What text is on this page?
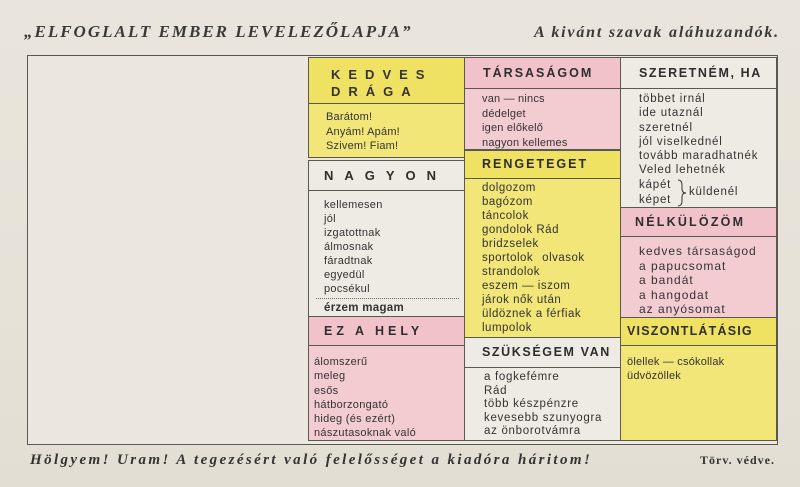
„ELFOGLALT EMBER LEVELEZŐLAPJA”	A kivánt szavak aláhuzandók.
KEDVES
DRÁGA
Barátom!
Anyám! Apám!
Szivem! Fiam!
NAGYON
kellemesen
jól
izgatottnak
álmosnak
fáradtnak
egyedül
pocsékul
érzem magam
EZ A HELY
álomszerű
meleg
esős
hátborzongató
hideg (és ezért)
nászutasoknak való
TÁRSASÁGOM
van — nincs
dédelget
igen előkelő
nagyon kellemes
RENGETEGET
dolgozom
bagózom
táncolok
gondolok Rád
bridzselek
sportolok olvasok
strandolok
eszem — iszom
járok nők után
üldöznek a férfiak
lumpolok
SZÜKSÉGEM VAN
a fogkefémre
Rád
több készpénzre
kevesebb szunyogra
az önborotvámra
SZERETNÉM, HA
többet irnál
ide utaznál
szeretnél
jól viselkednél
tovább maradhatnék
Veled lehetnék
kápét
képet
küldenél
NÉLKÜLÖZÖM
kedves társaságod
a papucsomat
a bandát
a hangodat
az anyósomat
VISZONTLÁTÁSIG
ölellek — csókollak
üdvözöllek
Hölgyem! Uram! A tegezésért való felelősséget a kiadóra háritom!	Törv. védve.
